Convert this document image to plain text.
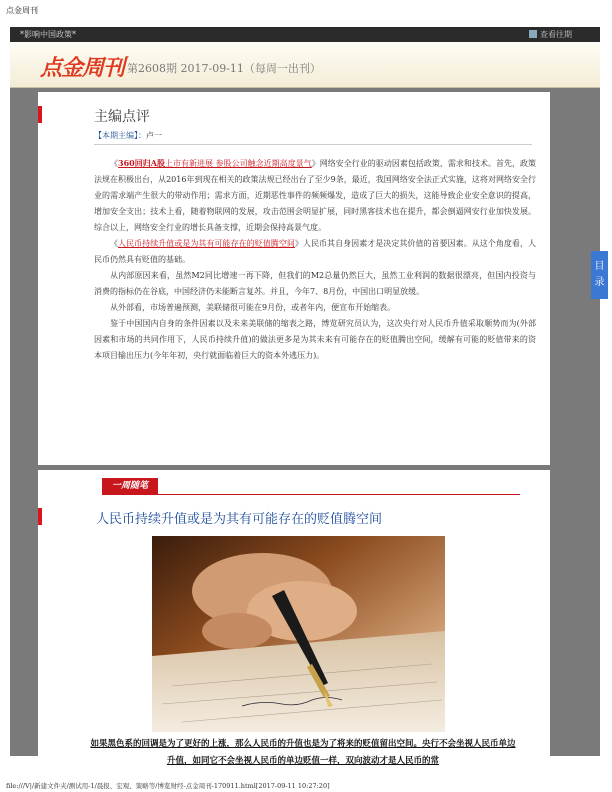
点金周刊
*影响中国政策*	查看往期
点金周刊 第2608期 2017-09-11（每周一出刊）
主编点评
【本期主编】：卢一

《360回归A股上市有新进展 参股公司触念近期高度景气》网络安全行业的驱动因素包括政策、需求和技术。首先，政策法规在积极出台，从2016年到现在相关的政策法规已经出台了至少9条，最近，我国网络安全法正式实施，这将对网络安全行业的需求端产生很大的带动作用；需求方面，近期恶性事件的频频爆发，造成了巨大的损失，这能导致企业安全意识的提高，增加安全支出；技术上看，随着物联网的发展，攻击范围会明显扩展，同时黑客技术也在提升，都会倒逼网安行业加快发展。综合以上，网络安全行业的增长具备支撑，近期会保持高景气度。

《人民币持续升值或是为其有可能存在的贬值腾空间》人民币其自身因素才是决定其价值的首要因素。从这个角度看，人民币仍然具有贬值的基础。

从内部原因来看，虽然M2同比增速一再下降，但我们的M2总量仍然巨大，虽然工业利润的数据很漂亮，但国内投资与消费的指标仍在谷底，中国经济仍未能断言复苏。并且，今年7、8月份，中国出口明显放缓。

从外部看，市场普遍预测，美联储很可能在9月份，或者年内，便宣布开始缩表。

鉴于中国国内自身的条件因素以及未来美联储的缩表之路，博览研究员认为，这次央行对人民币升值采取顺势而为(外部因素和市场的共同作用下，人民币持续升值)的做法更多是为其未来有可能存在的贬值腾出空间，缓解有可能的贬值带来的资本项目输出压力(今年年初，央行就面临着巨大的资本外逃压力)。

一周随笔
人民币持续升值或是为其有可能存在的贬值腾空间
如果黑色系的回调是为了更好的上涨，那么人民币的升值也是为了将来的贬值留出空间。央行不会坐视人民币单边升值，如同它不会坐视人民币的单边贬值一样，双向波动才是人民币的常
目
录
file:///V|/新建文件夹/测试用-1/晨报、宏观、策略等/博览财经-点金周刊-170911.html[2017-09-11 10:27:20]
